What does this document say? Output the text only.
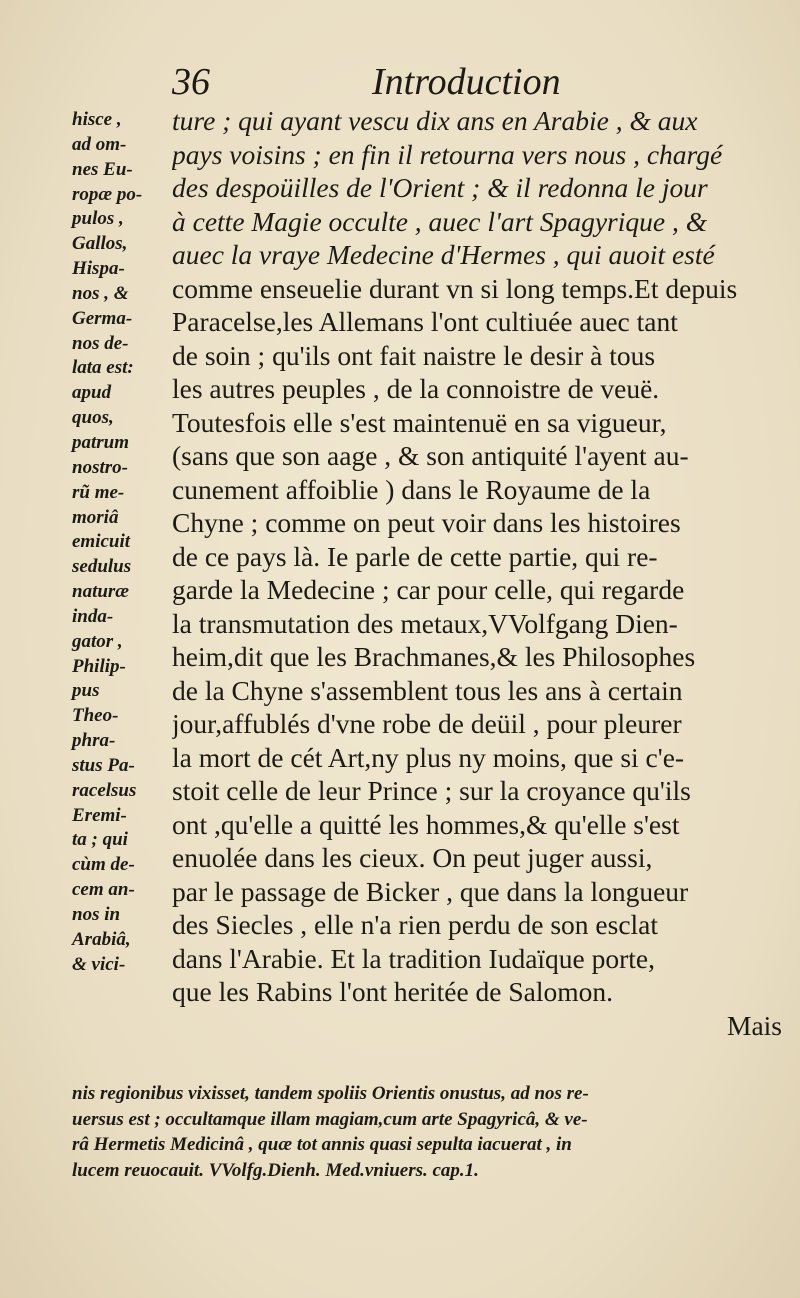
36	Introduction
hisce ,
ad om-
nes Eu-
ropæ po-
pulos ,
Gallos,
Hispa-
nos , &
Germa-
nos de-
lata est:
apud
quos,
patrum
nostro-
rũ me-
moriâ
emicuit
sedulus
naturæ
inda-
gator ,
Philip-
pus
Theo-
phra-
stus Pa-
racelsus
Eremi-
ta ; qui
cùm de-
cem an-
nos in
Arabiâ,
& vici-
ture ; qui ayant vescu dix ans en Arabie , & aux
pays voisins ; en fin il retourna vers nous , chargé
des despoüilles de l'Orient ; & il redonna le jour
à cette Magie occulte , auec l'art Spagyrique , &
auec la vraye Medecine d'Hermes , qui auoit esté
comme enseuelie durant vn si long temps.Et depuis
Paracelse,les Allemans l'ont cultiuée auec tant
de soin ; qu'ils ont fait naistre le desir à tous
les autres peuples , de la connoistre de veuë.
Toutesfois elle s'est maintenuë en sa vigueur,
(sans que son aage , & son antiquité l'ayent au-
cunement affoiblie ) dans le Royaume de la
Chyne ; comme on peut voir dans les histoires
de ce pays là. Ie parle de cette partie, qui re-
garde la Medecine ; car pour celle, qui regarde
la transmutation des metaux,VVolfgang Dien-
heim,dit que les Brachmanes,& les Philosophes
de la Chyne s'assemblent tous les ans à certain
jour,affublés d'vne robe de deüil , pour pleurer
la mort de cét Art,ny plus ny moins, que si c'e-
stoit celle de leur Prince ; sur la croyance qu'ils
ont ,qu'elle a quitté les hommes,& qu'elle s'est
enuolée dans les cieux. On peut juger aussi,
par le passage de Bicker , que dans la longueur
des Siecles , elle n'a rien perdu de son esclat
dans l'Arabie. Et la tradition Iudaïque porte,
que les Rabins l'ont heritée de Salomon.
Mais
nis regionibus vixisset, tandem spoliis Orientis onustus, ad nos re-
uersus est ; occultamque illam magiam,cum arte Spagyricâ, & ve-
râ Hermetis Medicinâ , quæ tot annis quasi sepulta iacuerat , in
lucem reuocauit. VVolfg.Dienh. Med.vniuers. cap.1.
